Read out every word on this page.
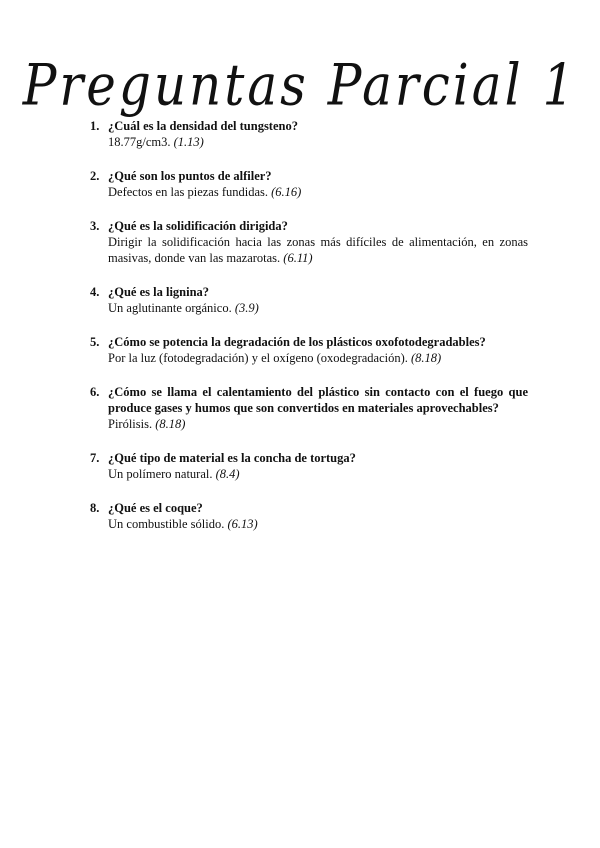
Preguntas Parcial 1
1. ¿Cuál es la densidad del tungsteno?
18.77g/cm3. (1.13)
2. ¿Qué son los puntos de alfiler?
Defectos en las piezas fundidas. (6.16)
3. ¿Qué es la solidificación dirigida?
Dirigir la solidificación hacia las zonas más difíciles de alimentación, en zonas masivas, donde van las mazarotas. (6.11)
4. ¿Qué es la lignina?
Un aglutinante orgánico. (3.9)
5. ¿Cómo se potencia la degradación de los plásticos oxofotodegradables?
Por la luz (fotodegradación) y el oxígeno (oxodegradación). (8.18)
6. ¿Cómo se llama el calentamiento del plástico sin contacto con el fuego que produce gases y humos que son convertidos en materiales aprovechables?
Pirólisis. (8.18)
7. ¿Qué tipo de material es la concha de tortuga?
Un polímero natural. (8.4)
8. ¿Qué es el coque?
Un combustible sólido. (6.13)
